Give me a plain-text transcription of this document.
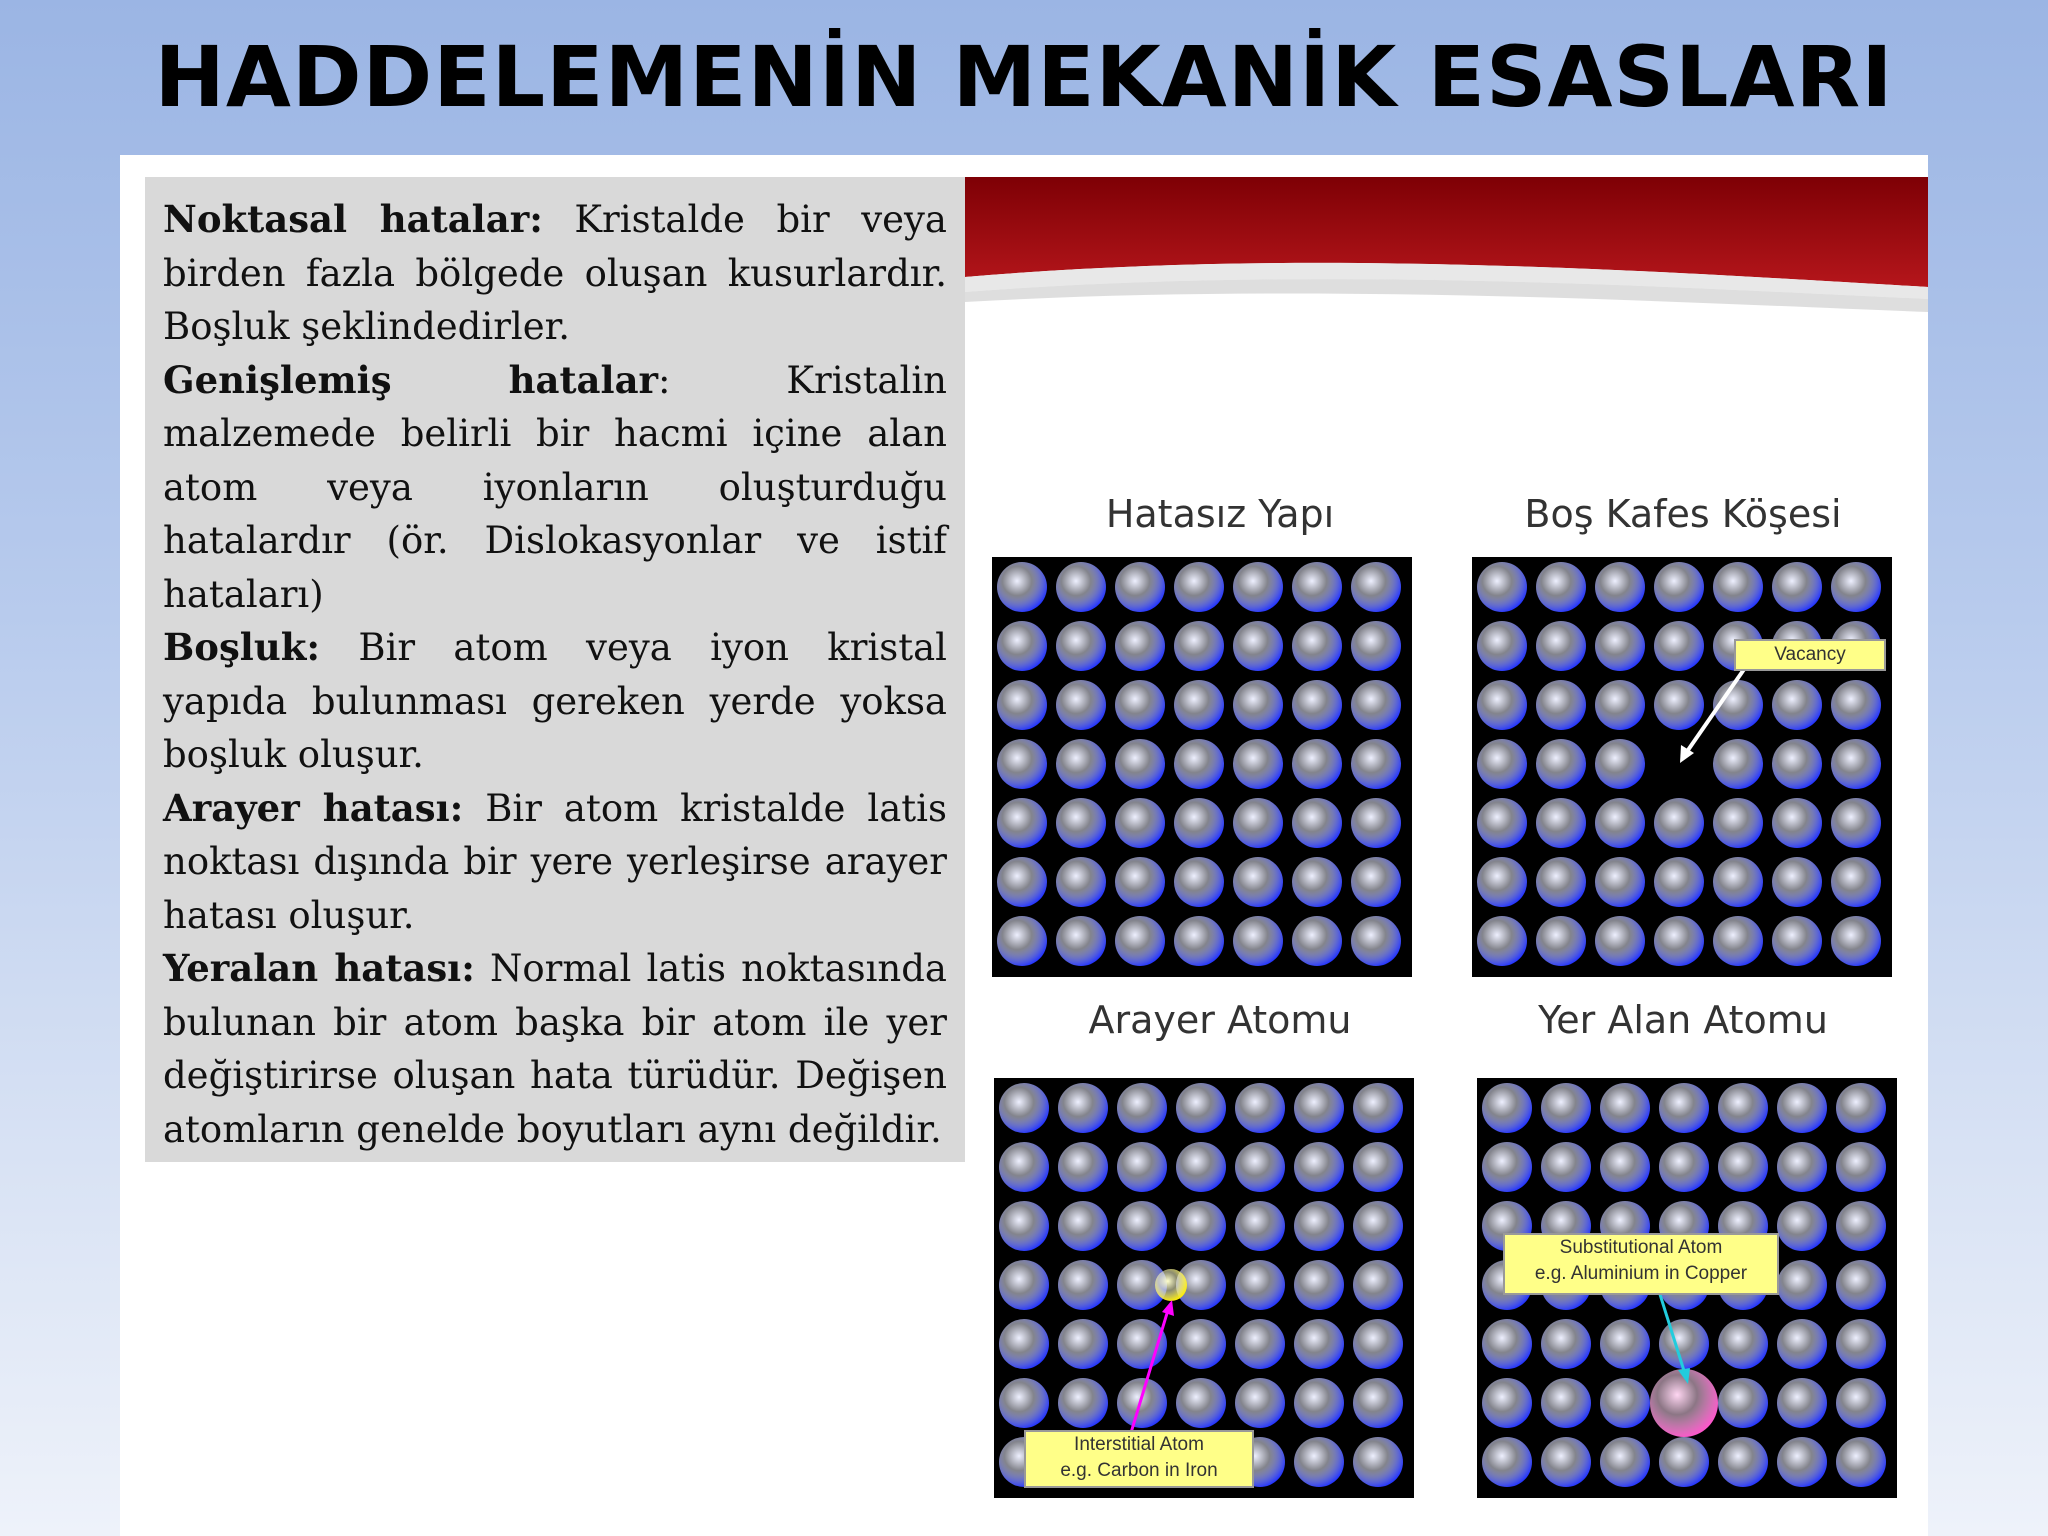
HADDELEMENİN MEKANİK ESASLARI

Noktasal hatalar: Kristalde bir veya birden fazla bölgede oluşan kusurlardır. Boşluk şeklindedirler.

Genişlemiş hatalar: Kristalin malzemede belirli bir hacmi içine alan atom veya iyonların oluşturduğu hatalardır (ör. Dislokasyonlar ve istif hataları)

Boşluk: Bir atom veya iyon kristal yapıda bulunması gereken yerde yoksa boşluk oluşur.

Arayer hatası: Bir atom kristalde latis noktası dışında bir yere yerleşirse arayer hatası oluşur.

Yeralan hatası: Normal latis noktasında bulunan bir atom başka bir atom ile yer değiştirirse oluşan hata türüdür. Değişen atomların genelde boyutları aynı değildir.

Hatasız Yapı	Boş Kafes Köşesi
Vacancy
Arayer Atomu
Interstitial Atom
e.g. Carbon in Iron
Yer Alan Atomu
Substitutional Atom
e.g. Aluminium in Copper
